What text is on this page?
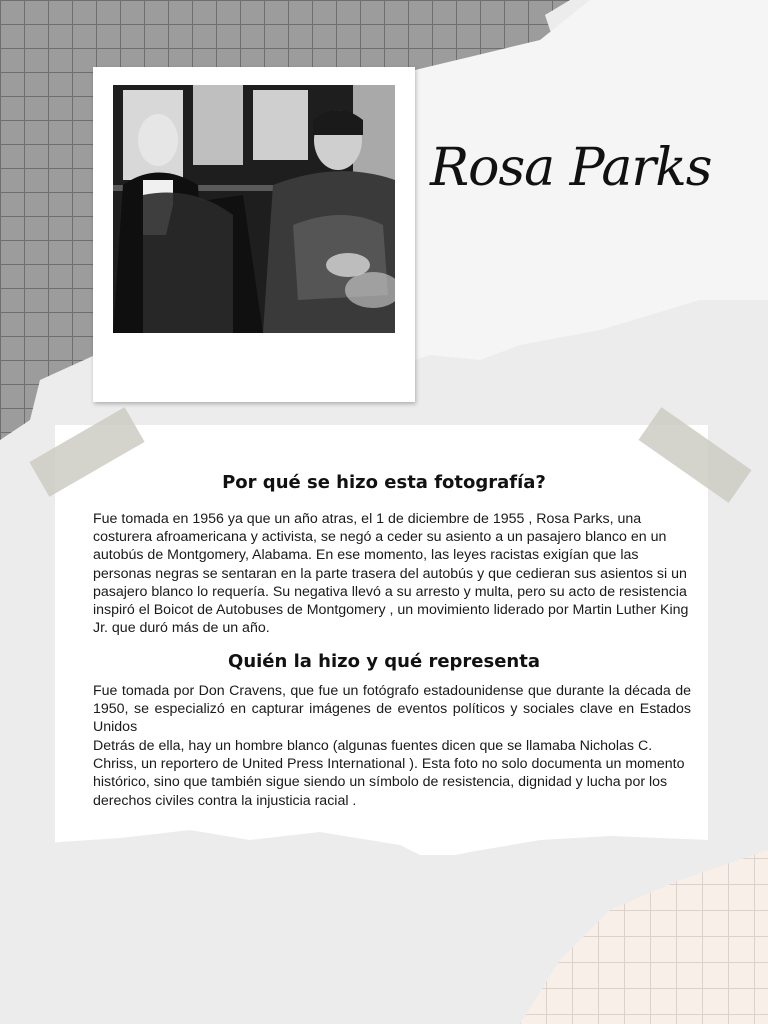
Rosa Parks
Por qué se hizo esta fotografía?
Fue tomada en 1956 ya que un año atras, el 1 de diciembre de 1955 , Rosa Parks, una costurera afroamericana y activista, se negó a ceder su asiento a un pasajero blanco en un autobús de Montgomery, Alabama. En ese momento, las leyes racistas exigían que las personas negras se sentaran en la parte trasera del autobús y que cedieran sus asientos si un pasajero blanco lo requería. Su negativa llevó a su arresto y multa, pero su acto de resistencia inspiró el Boicot de Autobuses de Montgomery , un movimiento liderado por Martin Luther King Jr. que duró más de un año.
Quién la hizo y qué representa
Fue tomada por Don Cravens, que fue un fotógrafo estadounidense que durante la década de 1950, se especializó en capturar imágenes de eventos políticos y sociales clave en Estados Unidos
Detrás de ella, hay un hombre blanco (algunas fuentes dicen que se llamaba Nicholas C. Chriss, un reportero de United Press International ). Esta foto no solo documenta un momento histórico, sino que también sigue siendo un símbolo de resistencia, dignidad y lucha por los derechos civiles contra la injusticia racial .
